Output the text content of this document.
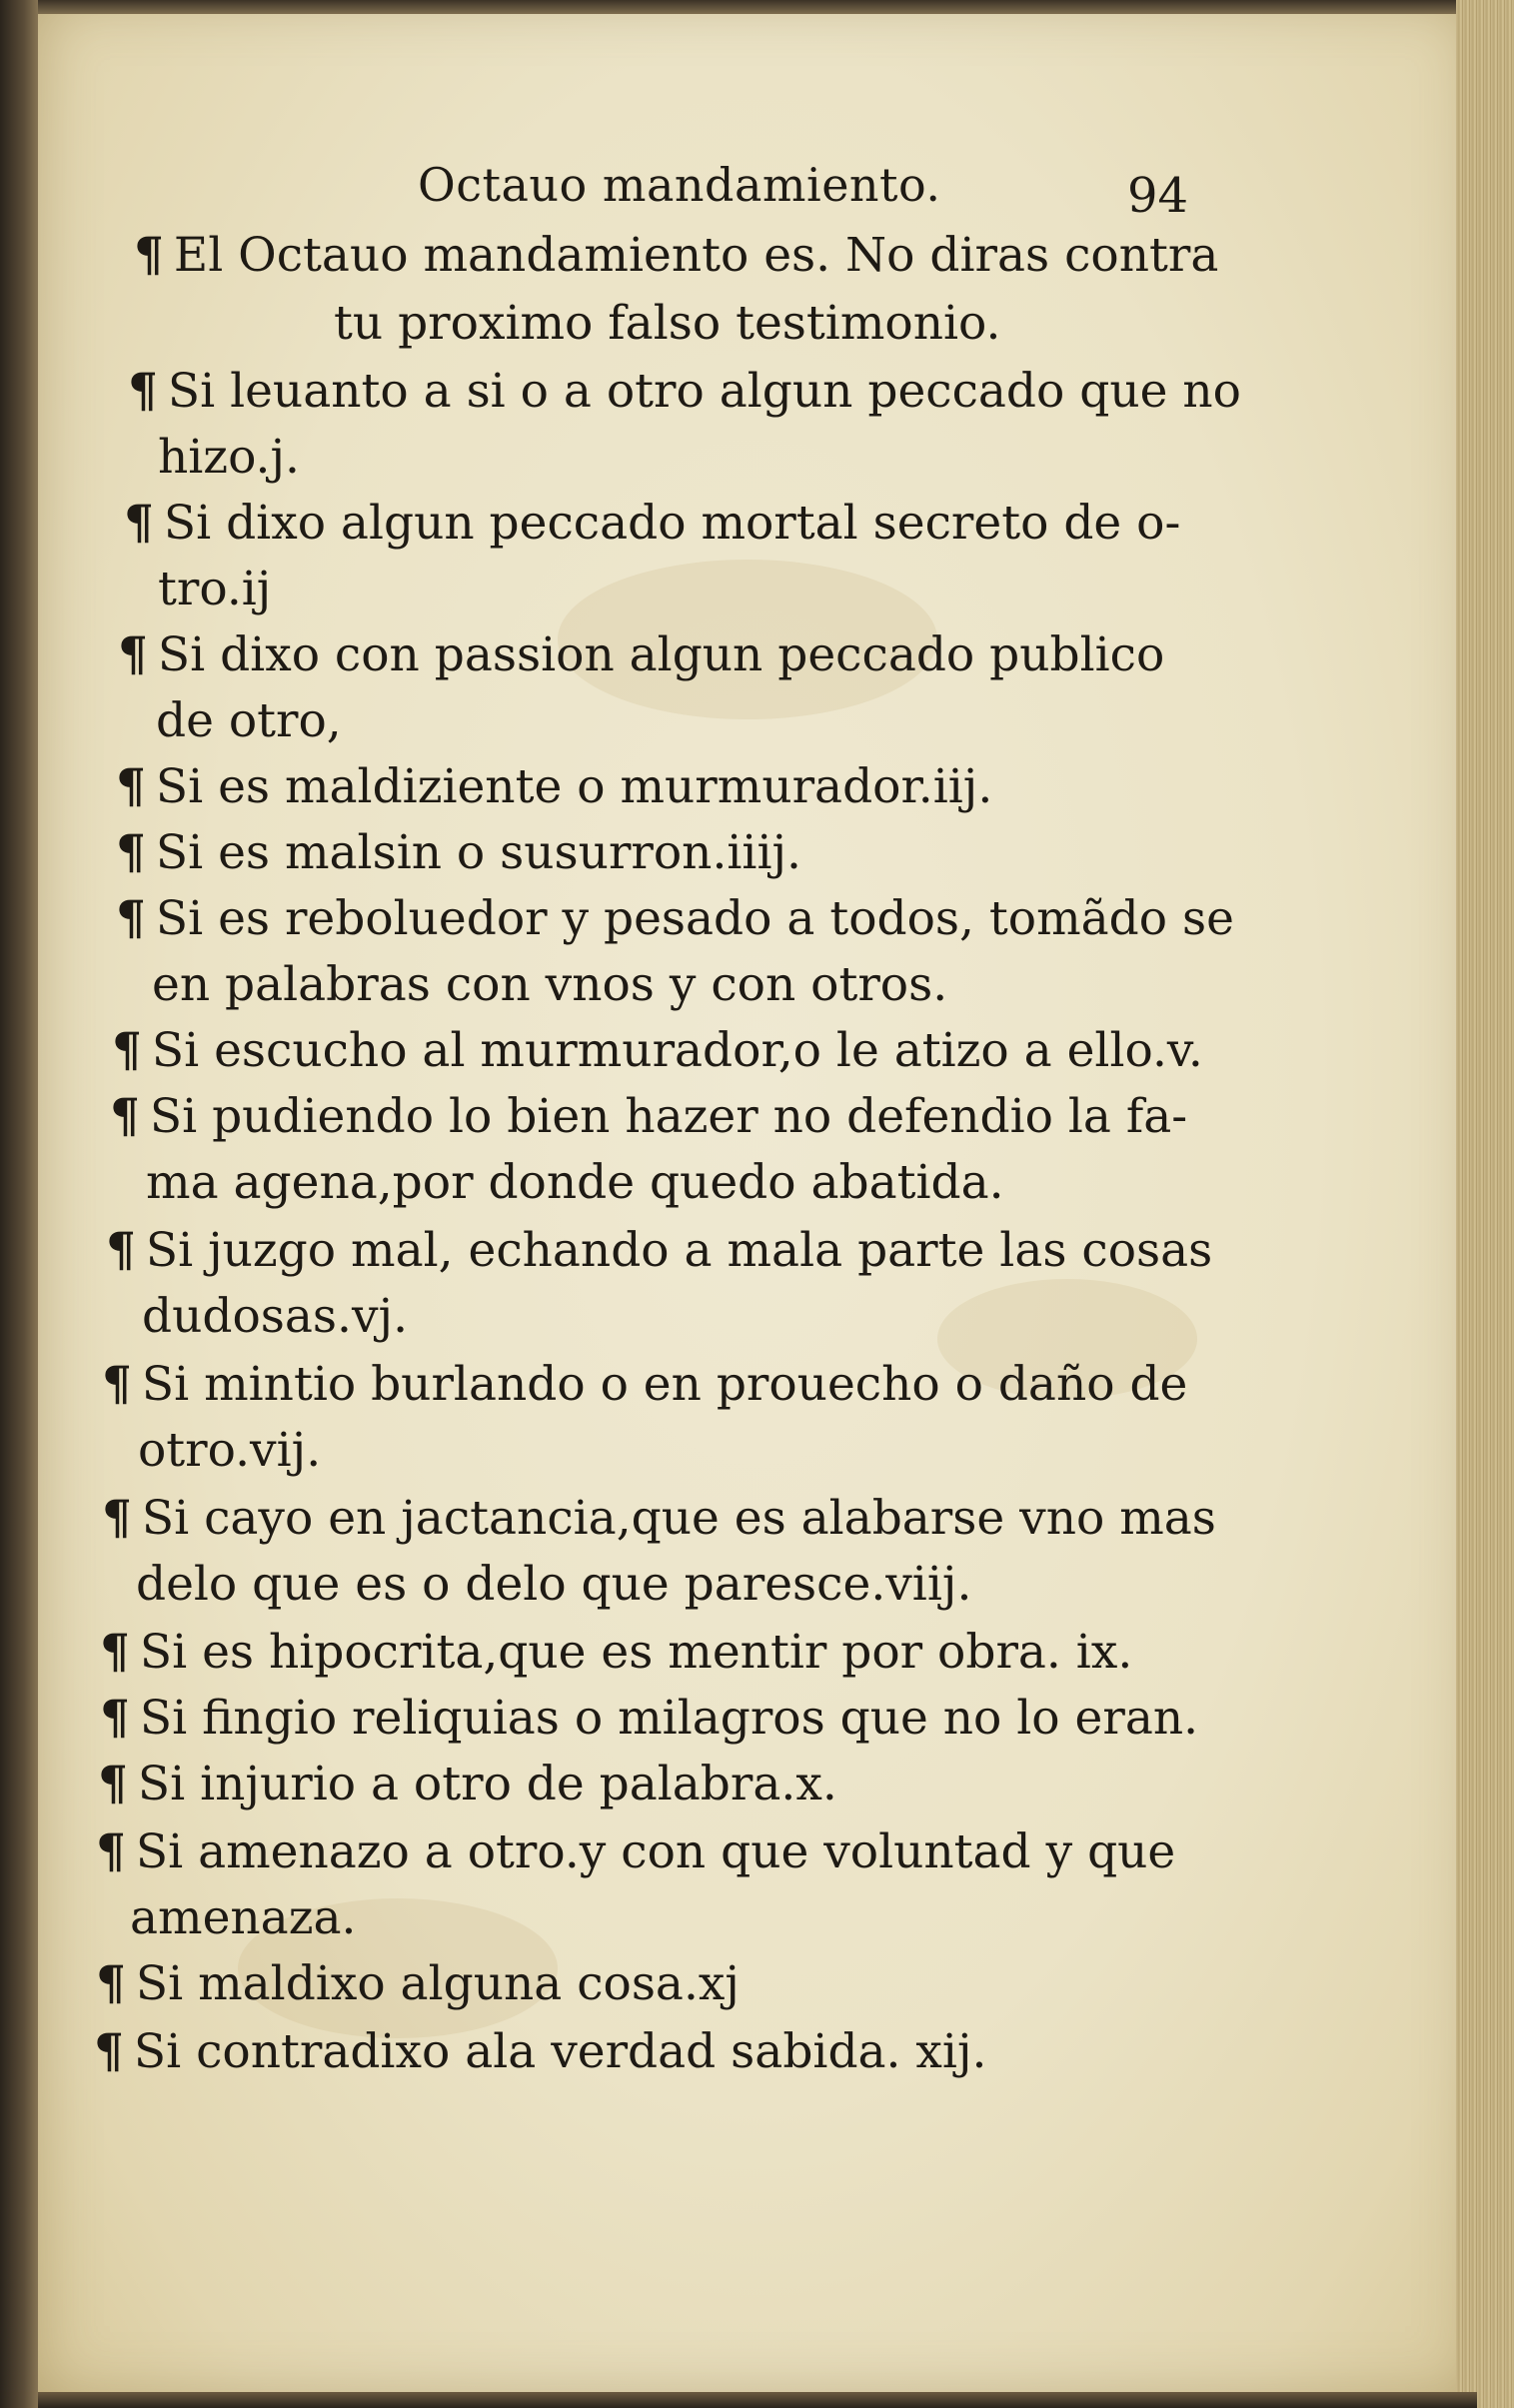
Octauo mandamiento.	94
¶ El Octauo mandamiento es. No diras contra
tu proximo falso testimonio.
¶ Si leuanto a si o a otro algun peccado que no
hizo.j.
¶ Si dixo algun peccado mortal secreto de o-
tro.ij
¶ Si dixo con passion algun peccado publico
de otro,
¶ Si es maldiziente o murmurador.iij.
¶ Si es malsin o susurron.iiij.
¶ Si es reboluedor y pesado a todos, tomãdo se
en palabras con vnos y con otros.
¶ Si escucho al murmurador,o le atizo a ello.v.
¶ Si pudiendo lo bien hazer no defendio la fa-
ma agena,por donde quedo abatida.
¶ Si juzgo mal, echando a mala parte las cosas
dudosas.vj.
¶ Si mintio burlando o en prouecho o daño de
otro.vij.
¶ Si cayo en jactancia,que es alabarse vno mas
delo que es o delo que paresce.viij.
¶ Si es hipocrita,que es mentir por obra. ix.
¶ Si fingio reliquias o milagros que no lo eran.
¶ Si injurio a otro de palabra.x.
¶ Si amenazo a otro.y con que voluntad y que
amenaza.
¶ Si maldixo alguna cosa.xj
¶ Si contradixo ala verdad sabida. xij.
